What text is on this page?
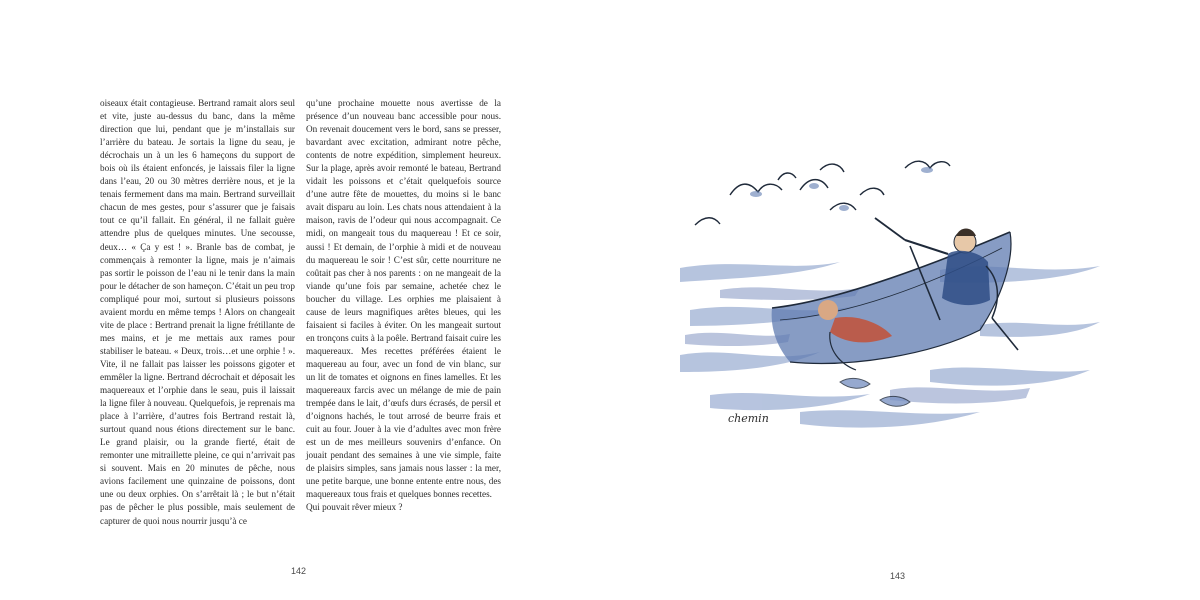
oiseaux était contagieuse. Bertrand ramait alors seul et vite, juste au-dessus du banc, dans la même direction que lui, pendant que je m’installais sur l’arrière du bateau. Je sortais la ligne du seau, je décrochais un à un les 6 hameçons du support de bois où ils étaient enfoncés, je laissais filer la ligne dans l’eau, 20 ou 30 mètres derrière nous, et je la tenais fermement dans ma main. Bertrand surveillait chacun de mes gestes, pour s’assurer que je faisais tout ce qu’il fallait. En général, il ne fallait guère attendre plus de quelques minutes. Une secousse, deux… « Ça y est ! ». Branle bas de combat, je commençais à remonter la ligne, mais je n’aimais pas sortir le poisson de l’eau ni le tenir dans la main pour le détacher de son hameçon. C’était un peu trop compliqué pour moi, surtout si plusieurs poissons avaient mordu en même temps ! Alors on changeait vite de place : Bertrand prenait la ligne frétillante de mes mains, et je me mettais aux rames pour stabiliser le bateau. « Deux, trois…et une orphie ! ». Vite, il ne fallait pas laisser les poissons gigoter et emmêler la ligne. Bertrand décrochait et déposait les maquereaux et l’orphie dans le seau, puis il laissait la ligne filer à nouveau. Quelquefois, je reprenais ma place à l’arrière, d’autres fois Bertrand restait là, surtout quand nous étions directement sur le banc. Le grand plaisir, ou la grande fierté, était de remonter une mitraillette pleine, ce qui n’arrivait pas si souvent. Mais en 20 minutes de pêche, nous avions facilement une quinzaine de poissons, dont une ou deux orphies. On s’arrêtait là ; le but n’était pas de pêcher le plus possible, mais seulement de capturer de quoi nous nourrir jusqu’à ce

qu’une prochaine mouette nous avertisse de la présence d’un nouveau banc accessible pour nous. On revenait doucement vers le bord, sans se presser, bavardant avec excitation, admirant notre pêche, contents de notre expédition, simplement heureux. Sur la plage, après avoir remonté le bateau, Bertrand vidait les poissons et c’était quelquefois source d’une autre fête de mouettes, du moins si le banc avait disparu au loin. Les chats nous attendaient à la maison, ravis de l’odeur qui nous accompagnait. Ce midi, on mangeait tous du maquereau ! Et ce soir, aussi ! Et demain, de l’orphie à midi et de nouveau du maquereau le soir ! C’est sûr, cette nourriture ne coûtait pas cher à nos parents : on ne mangeait de la viande qu’une fois par semaine, achetée chez le boucher du village. Les orphies me plaisaient à cause de leurs magnifiques arêtes bleues, qui les faisaient si faciles à éviter. On les mangeait surtout en tronçons cuits à la poêle. Bertrand faisait cuire les maquereaux. Mes recettes préférées étaient le maquereau au four, avec un fond de vin blanc, sur un lit de tomates et oignons en fines lamelles. Et les maquereaux farcis avec un mélange de mie de pain trempée dans le lait, d’œufs durs écrasés, de persil et d’oignons hachés, le tout arrosé de beurre frais et cuit au four. Jouer à la vie d’adultes avec mon frère est un de mes meilleurs souvenirs d’enfance. On jouait pendant des semaines à une vie simple, faite de plaisirs simples, sans jamais nous lasser : la mer, une petite barque, une bonne entente entre nous, des maquereaux tous frais et quelques bonnes recettes.

Qui pouvait rêver mieux ?

142
chemin
143
